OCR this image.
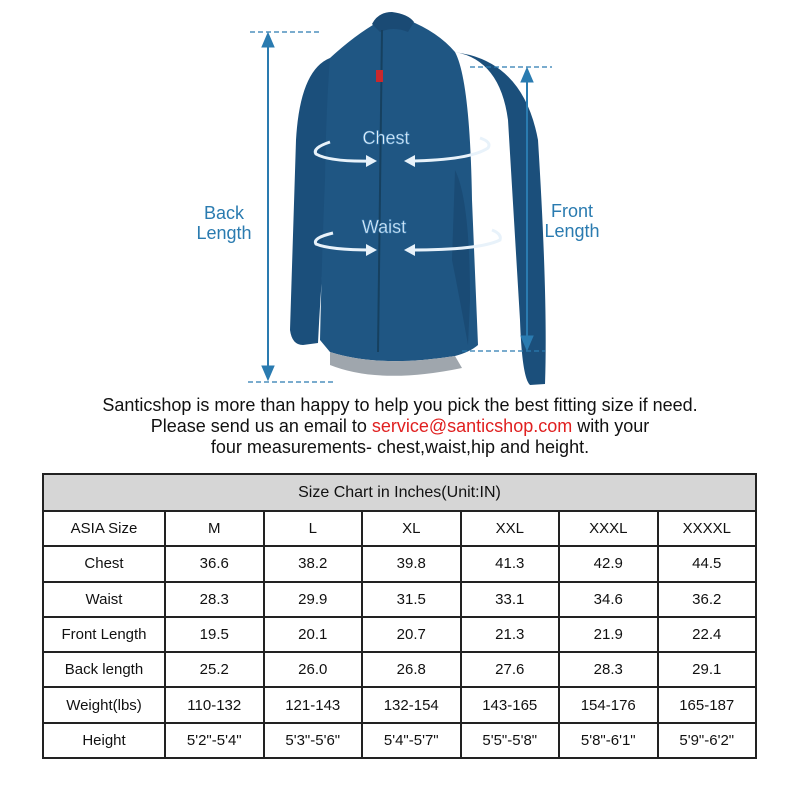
Back
Length
Front
Length
Chest
Waist
Santicshop is more than happy to help you pick the best fitting size if need.
Please send us an email to service@santicshop.com with your
four measurements- chest,waist,hip and height.
Size Chart in Inches(Unit:IN)						
ASIA Size	M	L	XL	XXL	XXXL	XXXXL
Chest	36.6	38.2	39.8	41.3	42.9	44.5
Waist	28.3	29.9	31.5	33.1	34.6	36.2
Front Length	19.5	20.1	20.7	21.3	21.9	22.4
Back length	25.2	26.0	26.8	27.6	28.3	29.1
Weight(lbs)	110-132	121-143	132-154	143-165	154-176	165-187
Height	5'2"-5'4"	5'3"-5'6"	5'4"-5'7"	5'5"-5'8"	5'8"-6'1"	5'9"-6'2"
